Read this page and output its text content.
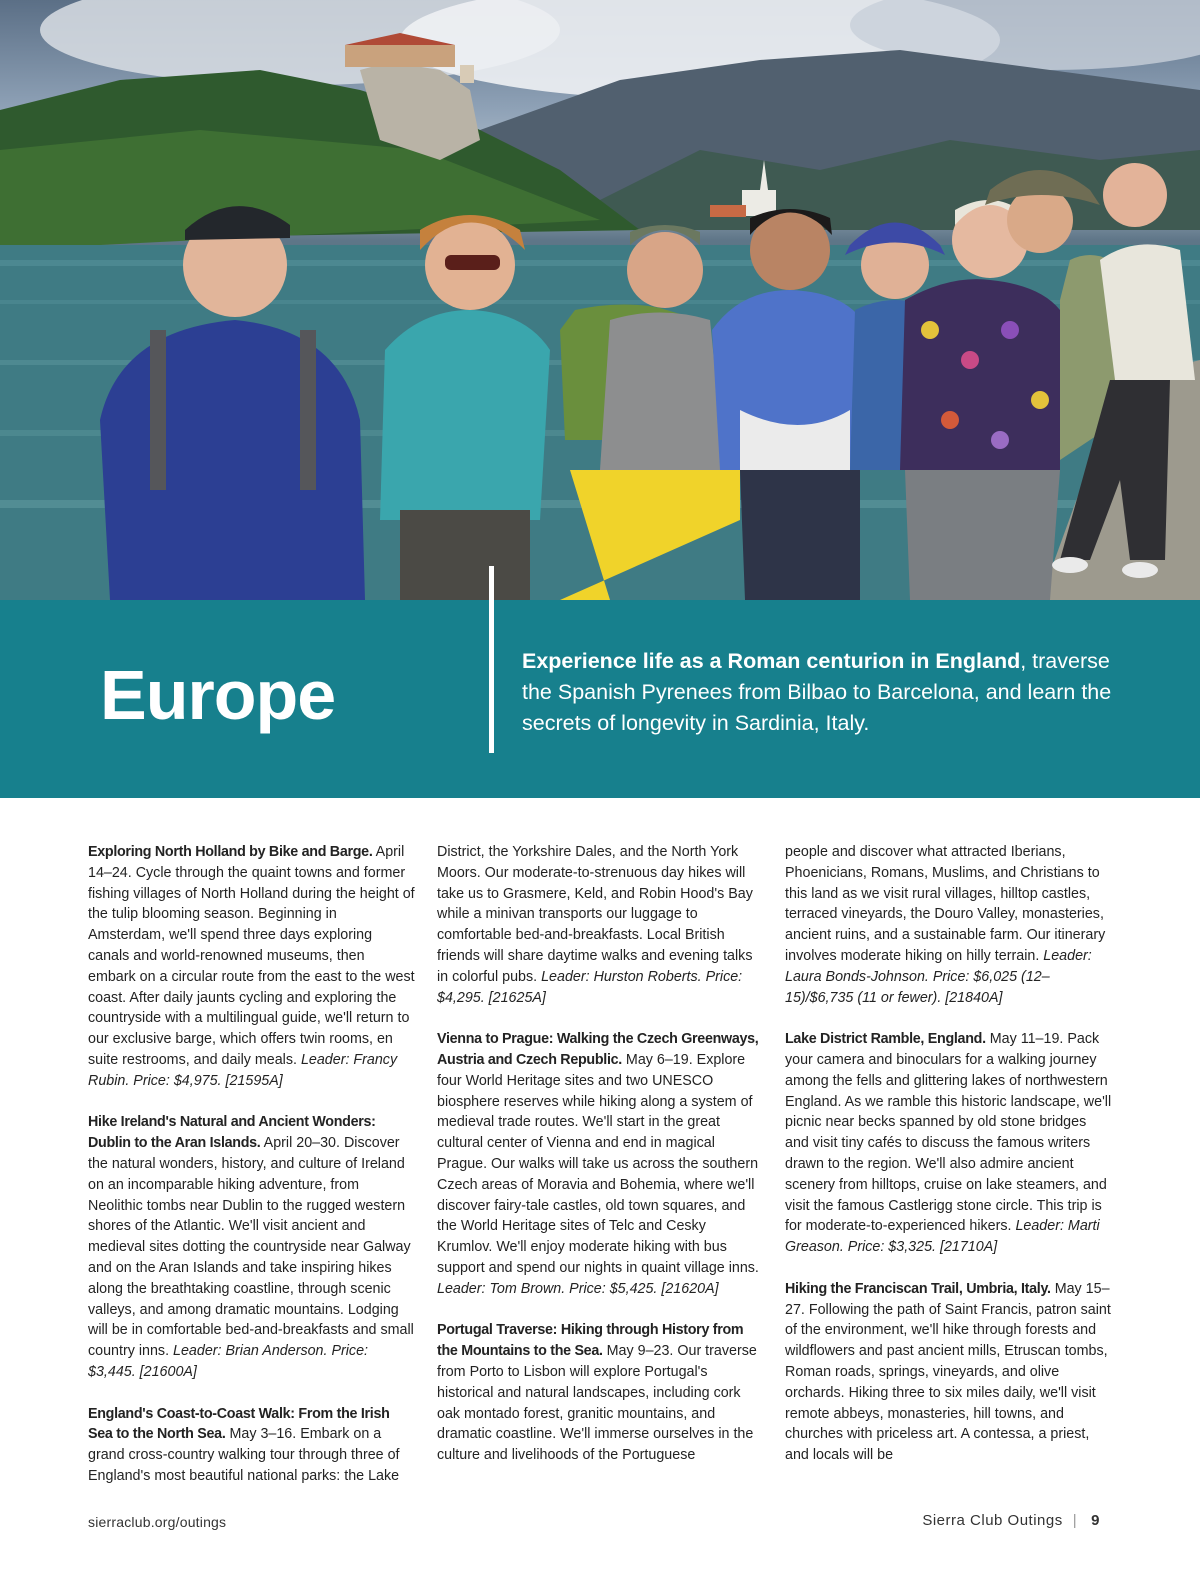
Europe	Experience life as a Roman centurion in England, traverse the Spanish Pyrenees from Bilbao to Barcelona, and learn the secrets of longevity in Sardinia, Italy.

Exploring North Holland by Bike and Barge. April 14–24. Cycle through the quaint towns and former fishing villages of North Holland during the height of the tulip blooming season. Beginning in Amsterdam, we'll spend three days exploring canals and world-renowned museums, then embark on a circular route from the east to the west coast. After daily jaunts cycling and exploring the countryside with a multilingual guide, we'll return to our exclusive barge, which offers twin rooms, en suite restrooms, and daily meals. Leader: Francy Rubin. Price: $4,975. [21595A]

Hike Ireland's Natural and Ancient Wonders: Dublin to the Aran Islands. April 20–30. Discover the natural wonders, history, and culture of Ireland on an incomparable hiking adventure, from Neolithic tombs near Dublin to the rugged western shores of the Atlantic. We'll visit ancient and medieval sites dotting the countryside near Galway and on the Aran Islands and take inspiring hikes along the breathtaking coastline, through scenic valleys, and among dramatic mountains. Lodging will be in comfortable bed-and-breakfasts and small country inns. Leader: Brian Anderson. Price: $3,445. [21600A]

England's Coast-to-Coast Walk: From the Irish Sea to the North Sea. May 3–16. Embark on a grand cross-country walking tour through three of England's most beautiful national parks: the Lake

District, the Yorkshire Dales, and the North York Moors. Our moderate-to-strenuous day hikes will take us to Grasmere, Keld, and Robin Hood's Bay while a minivan transports our luggage to comfortable bed-and-breakfasts. Local British friends will share daytime walks and evening talks in colorful pubs. Leader: Hurston Roberts. Price: $4,295. [21625A]

Vienna to Prague: Walking the Czech Greenways, Austria and Czech Republic. May 6–19. Explore four World Heritage sites and two UNESCO biosphere reserves while hiking along a system of medieval trade routes. We'll start in the great cultural center of Vienna and end in magical Prague. Our walks will take us across the southern Czech areas of Moravia and Bohemia, where we'll discover fairy-tale castles, old town squares, and the World Heritage sites of Telc and Cesky Krumlov. We'll enjoy moderate hiking with bus support and spend our nights in quaint village inns. Leader: Tom Brown. Price: $5,425. [21620A]

Portugal Traverse: Hiking through History from the Mountains to the Sea. May 9–23. Our traverse from Porto to Lisbon will explore Portugal's historical and natural landscapes, including cork oak montado forest, granitic mountains, and dramatic coastline. We'll immerse ourselves in the culture and livelihoods of the Portuguese

people and discover what attracted Iberians, Phoenicians, Romans, Muslims, and Christians to this land as we visit rural villages, hilltop castles, terraced vineyards, the Douro Valley, monasteries, ancient ruins, and a sustainable farm. Our itinerary involves moderate hiking on hilly terrain. Leader: Laura Bonds-Johnson. Price: $6,025 (12–15)/$6,735 (11 or fewer). [21840A]

Lake District Ramble, England. May 11–19. Pack your camera and binoculars for a walking journey among the fells and glittering lakes of northwestern England. As we ramble this historic landscape, we'll picnic near becks spanned by old stone bridges and visit tiny cafés to discuss the famous writers drawn to the region. We'll also admire ancient scenery from hilltops, cruise on lake steamers, and visit the famous Castlerigg stone circle. This trip is for moderate-to-experienced hikers. Leader: Marti Greason. Price: $3,325. [21710A]

Hiking the Franciscan Trail, Umbria, Italy. May 15–27. Following the path of Saint Francis, patron saint of the environment, we'll hike through forests and wildflowers and past ancient mills, Etruscan tombs, Roman roads, springs, vineyards, and olive orchards. Hiking three to six miles daily, we'll visit remote abbeys, monasteries, hill towns, and churches with priceless art. A contessa, a priest, and locals will be

sierraclub.org/outings	Sierra Club Outings | 9
